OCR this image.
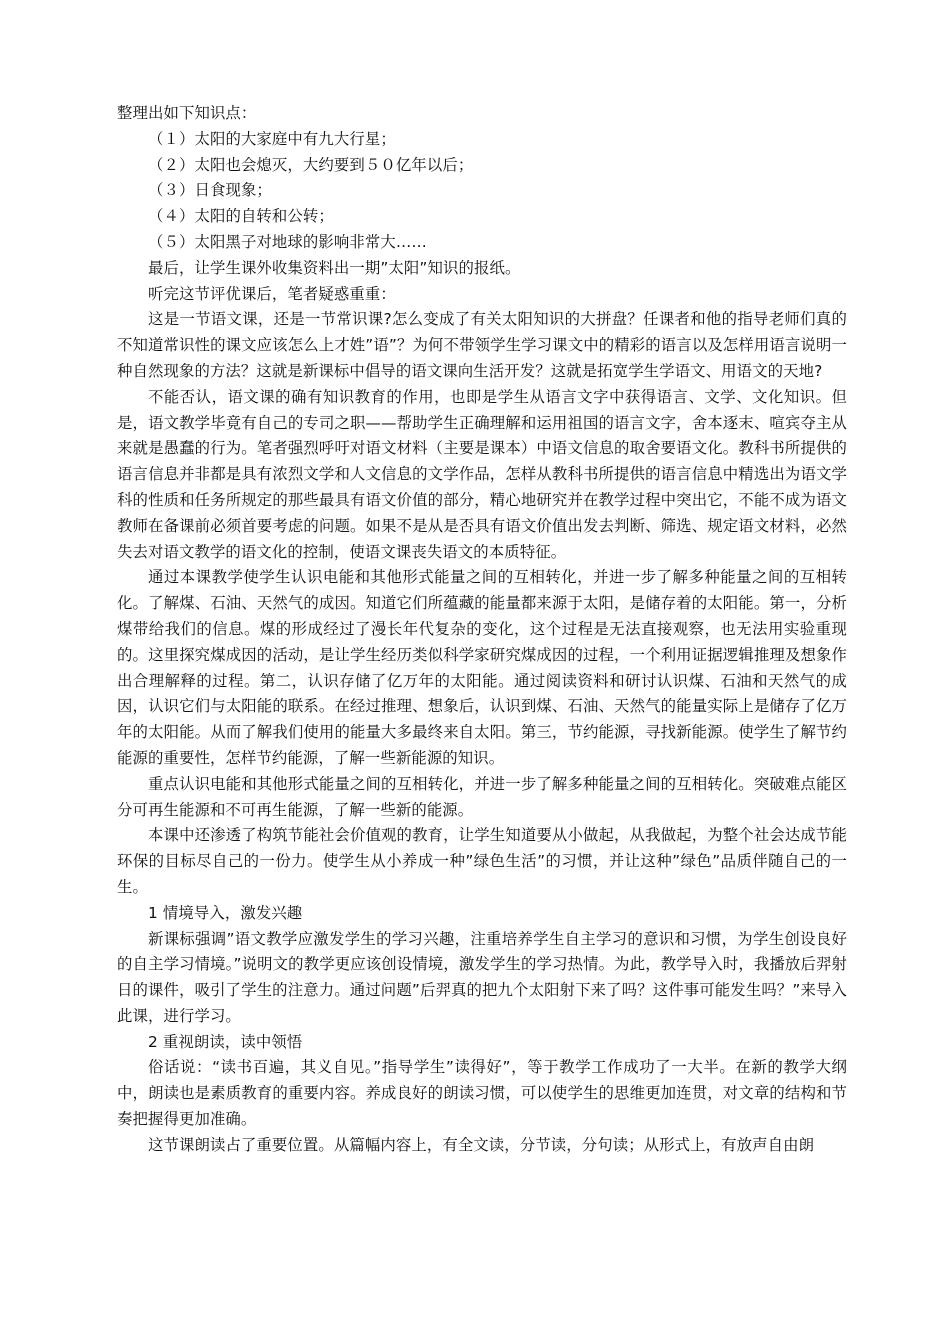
整理出如下知识点：

（１）太阳的大家庭中有九大行星；

（２）太阳也会熄灭，大约要到５０亿年以后；

（３）日食现象；

（４）太阳的自转和公转；

（５）太阳黑子对地球的影响非常大……

最后，让学生课外收集资料出一期”太阳”知识的报纸。

听完这节评优课后，笔者疑惑重重：

这是一节语文课，还是一节常识课?怎么变成了有关太阳知识的大拼盘？任课者和他的指导老师们真的不知道常识性的课文应该怎么上才姓”语”？为何不带领学生学习课文中的精彩的语言以及怎样用语言说明一种自然现象的方法？这就是新课标中倡导的语文课向生活开发？这就是拓宽学生学语文、用语文的天地?

不能否认，语文课的确有知识教育的作用，也即是学生从语言文字中获得语言、文学、文化知识。但是，语文教学毕竟有自己的专司之职——帮助学生正确理解和运用祖国的语言文字，舍本逐末、喧宾夺主从来就是愚蠢的行为。笔者强烈呼吁对语文材料（主要是课本）中语文信息的取舍要语文化。教科书所提供的语言信息并非都是具有浓烈文学和人文信息的文学作品，怎样从教科书所提供的语言信息中精选出为语文学科的性质和任务所规定的那些最具有语文价值的部分，精心地研究并在教学过程中突出它，不能不成为语文教师在备课前必须首要考虑的问题。如果不是从是否具有语文价值出发去判断、筛选、规定语文材料，必然失去对语文教学的语文化的控制，使语文课丧失语文的本质特征。

通过本课教学使学生认识电能和其他形式能量之间的互相转化，并进一步了解多种能量之间的互相转化。了解煤、石油、天然气的成因。知道它们所蕴藏的能量都来源于太阳，是储存着的太阳能。第一，分析煤带给我们的信息。煤的形成经过了漫长年代复杂的变化，这个过程是无法直接观察，也无法用实验重现的。这里探究煤成因的活动，是让学生经历类似科学家研究煤成因的过程，一个利用证据逻辑推理及想象作出合理解释的过程。第二，认识存储了亿万年的太阳能。通过阅读资料和研讨认识煤、石油和天然气的成因，认识它们与太阳能的联系。在经过推理、想象后，认识到煤、石油、天然气的能量实际上是储存了亿万年的太阳能。从而了解我们使用的能量大多最终来自太阳。第三，节约能源，寻找新能源。使学生了解节约能源的重要性，怎样节约能源，了解一些新能源的知识。

重点认识电能和其他形式能量之间的互相转化，并进一步了解多种能量之间的互相转化。突破难点能区分可再生能源和不可再生能源，了解一些新的能源。

本课中还渗透了构筑节能社会价值观的教育，让学生知道要从小做起，从我做起，为整个社会达成节能环保的目标尽自己的一份力。使学生从小养成一种”绿色生活”的习惯，并让这种”绿色”品质伴随自己的一生。

1 情境导入，激发兴趣

新课标强调”语文教学应激发学生的学习兴趣，注重培养学生自主学习的意识和习惯，为学生创设良好的自主学习情境。”说明文的教学更应该创设情境，激发学生的学习热情。为此，教学导入时，我播放后羿射日的课件，吸引了学生的注意力。通过问题”后羿真的把九个太阳射下来了吗？这件事可能发生吗？”来导入此课，进行学习。

2 重视朗读，读中领悟

俗话说：“读书百遍，其义自见。”指导学生”读得好”，等于教学工作成功了一大半。在新的教学大纲中，朗读也是素质教育的重要内容。养成良好的朗读习惯，可以使学生的思维更加连贯，对文章的结构和节奏把握得更加准确。

这节课朗读占了重要位置。从篇幅内容上，有全文读，分节读，分句读；从形式上，有放声自由朗
